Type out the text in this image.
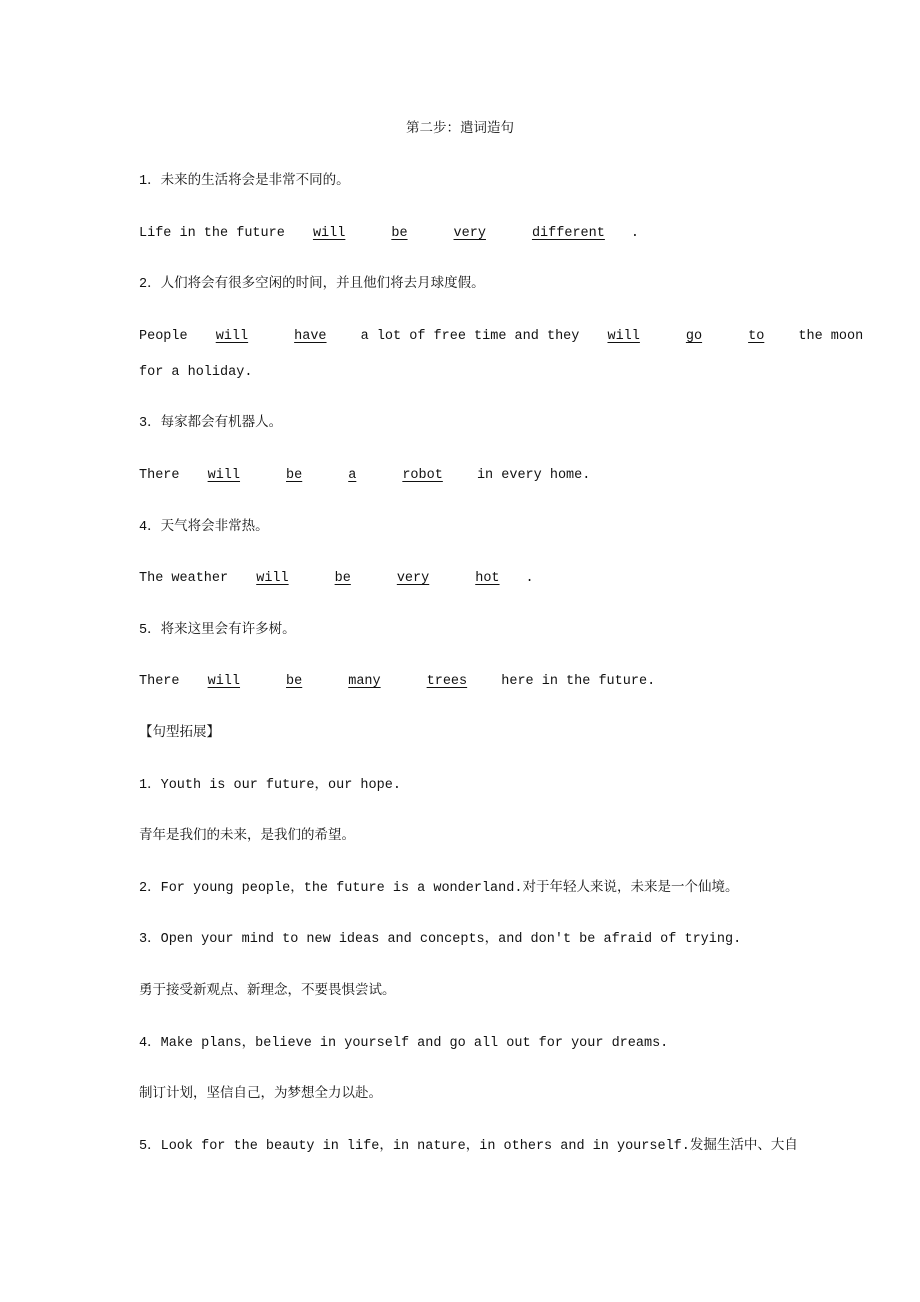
第二步：遣词造句
1．未来的生活将会是非常不同的。
Life in the future will	be	very	different .
2．人们将会有很多空闲的时间，并且他们将去月球度假。
People will	have a lot of free time and they will	go	to the moon
for a holiday.
3．每家都会有机器人。
There will	be	a	robot in every home.
4．天气将会非常热。
The weather will	be	very	hot .
5．将来这里会有许多树。
There will	be	many	trees here in the future.
【句型拓展】
1．Youth is our future，our hope.
青年是我们的未来，是我们的希望。
2．For young people，the future is a wonderland.对于年轻人来说，未来是一个仙境。
3．Open your mind to new ideas and concepts，and don't be afraid of trying.
勇于接受新观点、新理念，不要畏惧尝试。
4．Make plans，believe in yourself and go all out for your dreams.
制订计划，坚信自己，为梦想全力以赴。
5．Look for the beauty in life，in nature，in others and in yourself.发掘生活中、大自
